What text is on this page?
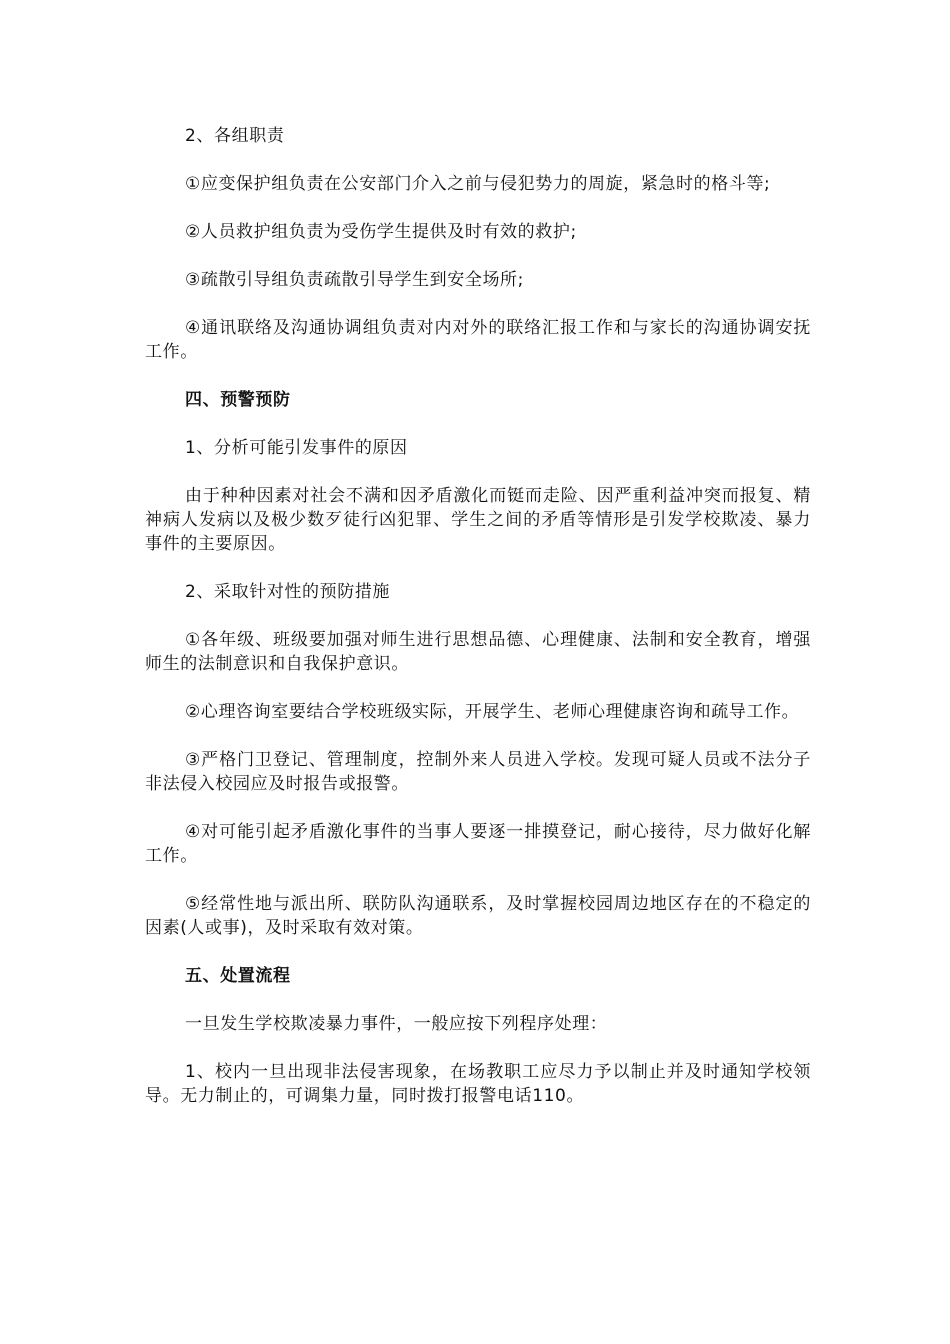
2、各组职责

①应变保护组负责在公安部门介入之前与侵犯势力的周旋，紧急时的格斗等;

②人员救护组负责为受伤学生提供及时有效的救护;

③疏散引导组负责疏散引导学生到安全场所;

④通讯联络及沟通协调组负责对内对外的联络汇报工作和与家长的沟通协调安抚工作。

四、预警预防

1、分析可能引发事件的原因

由于种种因素对社会不满和因矛盾激化而铤而走险、因严重利益冲突而报复、精神病人发病以及极少数歹徒行凶犯罪、学生之间的矛盾等情形是引发学校欺凌、暴力事件的主要原因。

2、采取针对性的预防措施

①各年级、班级要加强对师生进行思想品德、心理健康、法制和安全教育，增强师生的法制意识和自我保护意识。

②心理咨询室要结合学校班级实际，开展学生、老师心理健康咨询和疏导工作。

③严格门卫登记、管理制度，控制外来人员进入学校。发现可疑人员或不法分子非法侵入校园应及时报告或报警。

④对可能引起矛盾激化事件的当事人要逐一排摸登记，耐心接待，尽力做好化解工作。

⑤经常性地与派出所、联防队沟通联系，及时掌握校园周边地区存在的不稳定的因素(人或事)，及时采取有效对策。

五、处置流程

一旦发生学校欺凌暴力事件，一般应按下列程序处理：

1、校内一旦出现非法侵害现象，在场教职工应尽力予以制止并及时通知学校领导。无力制止的，可调集力量，同时拨打报警电话110。
